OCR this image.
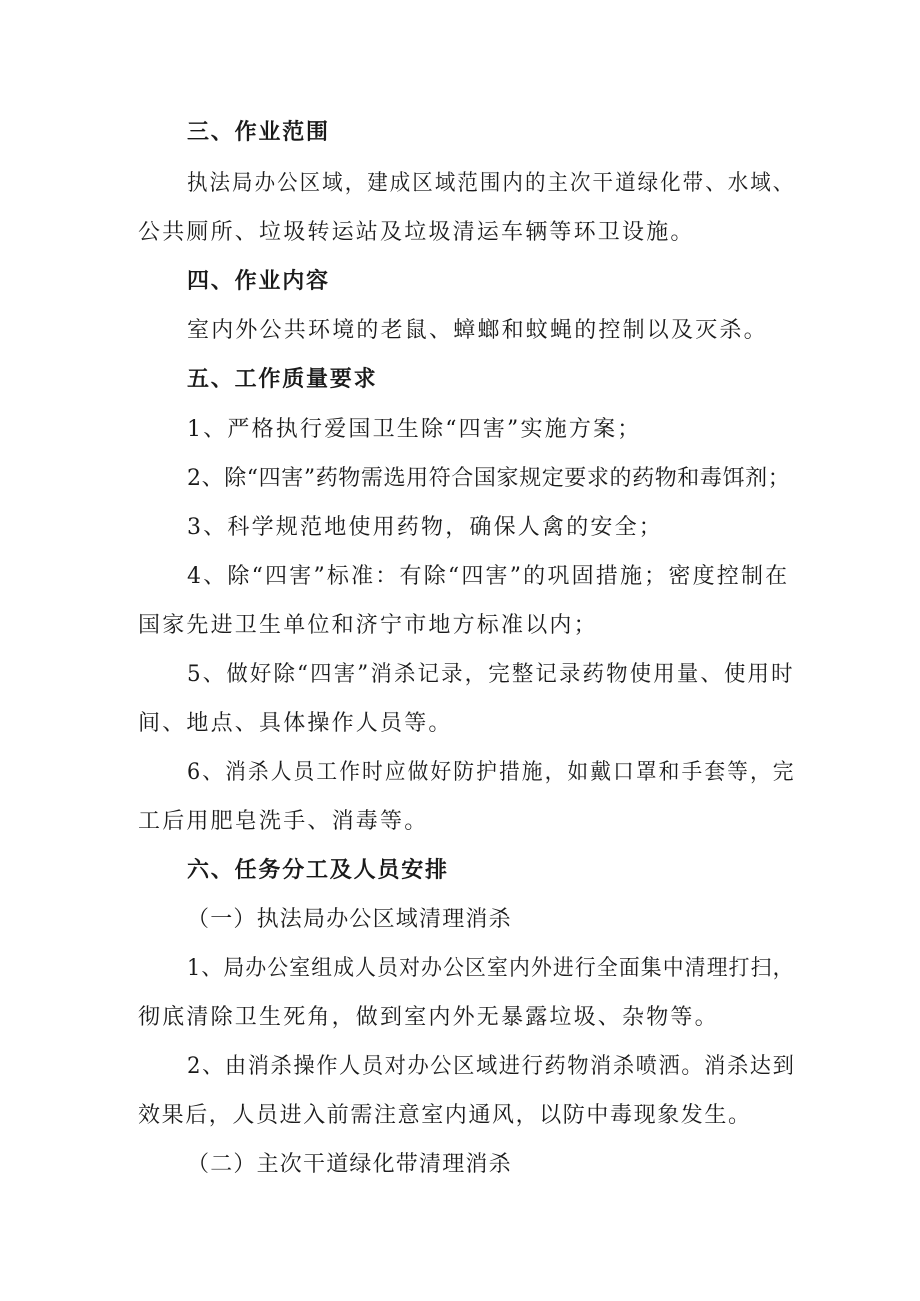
三、作业范围
执法局办公区域，建成区域范围内的主次干道绿化带、水域、
公共厕所、垃圾转运站及垃圾清运车辆等环卫设施。
四、作业内容
室内外公共环境的老鼠、蟑螂和蚊蝇的控制以及灭杀。
五、工作质量要求
1、严格执行爱国卫生除“四害”实施方案；
2、除“四害”药物需选用符合国家规定要求的药物和毒饵剂；
3、科学规范地使用药物，确保人禽的安全；
4、除“四害”标准：有除“四害”的巩固措施；密度控制在
国家先进卫生单位和济宁市地方标准以内；
5、做好除“四害”消杀记录，完整记录药物使用量、使用时
间、地点、具体操作人员等。
6、消杀人员工作时应做好防护措施，如戴口罩和手套等，完
工后用肥皂洗手、消毒等。
六、任务分工及人员安排
（一）执法局办公区域清理消杀
1、局办公室组成人员对办公区室内外进行全面集中清理打扫，
彻底清除卫生死角，做到室内外无暴露垃圾、杂物等。
2、由消杀操作人员对办公区域进行药物消杀喷洒。消杀达到
效果后，人员进入前需注意室内通风，以防中毒现象发生。
（二）主次干道绿化带清理消杀
